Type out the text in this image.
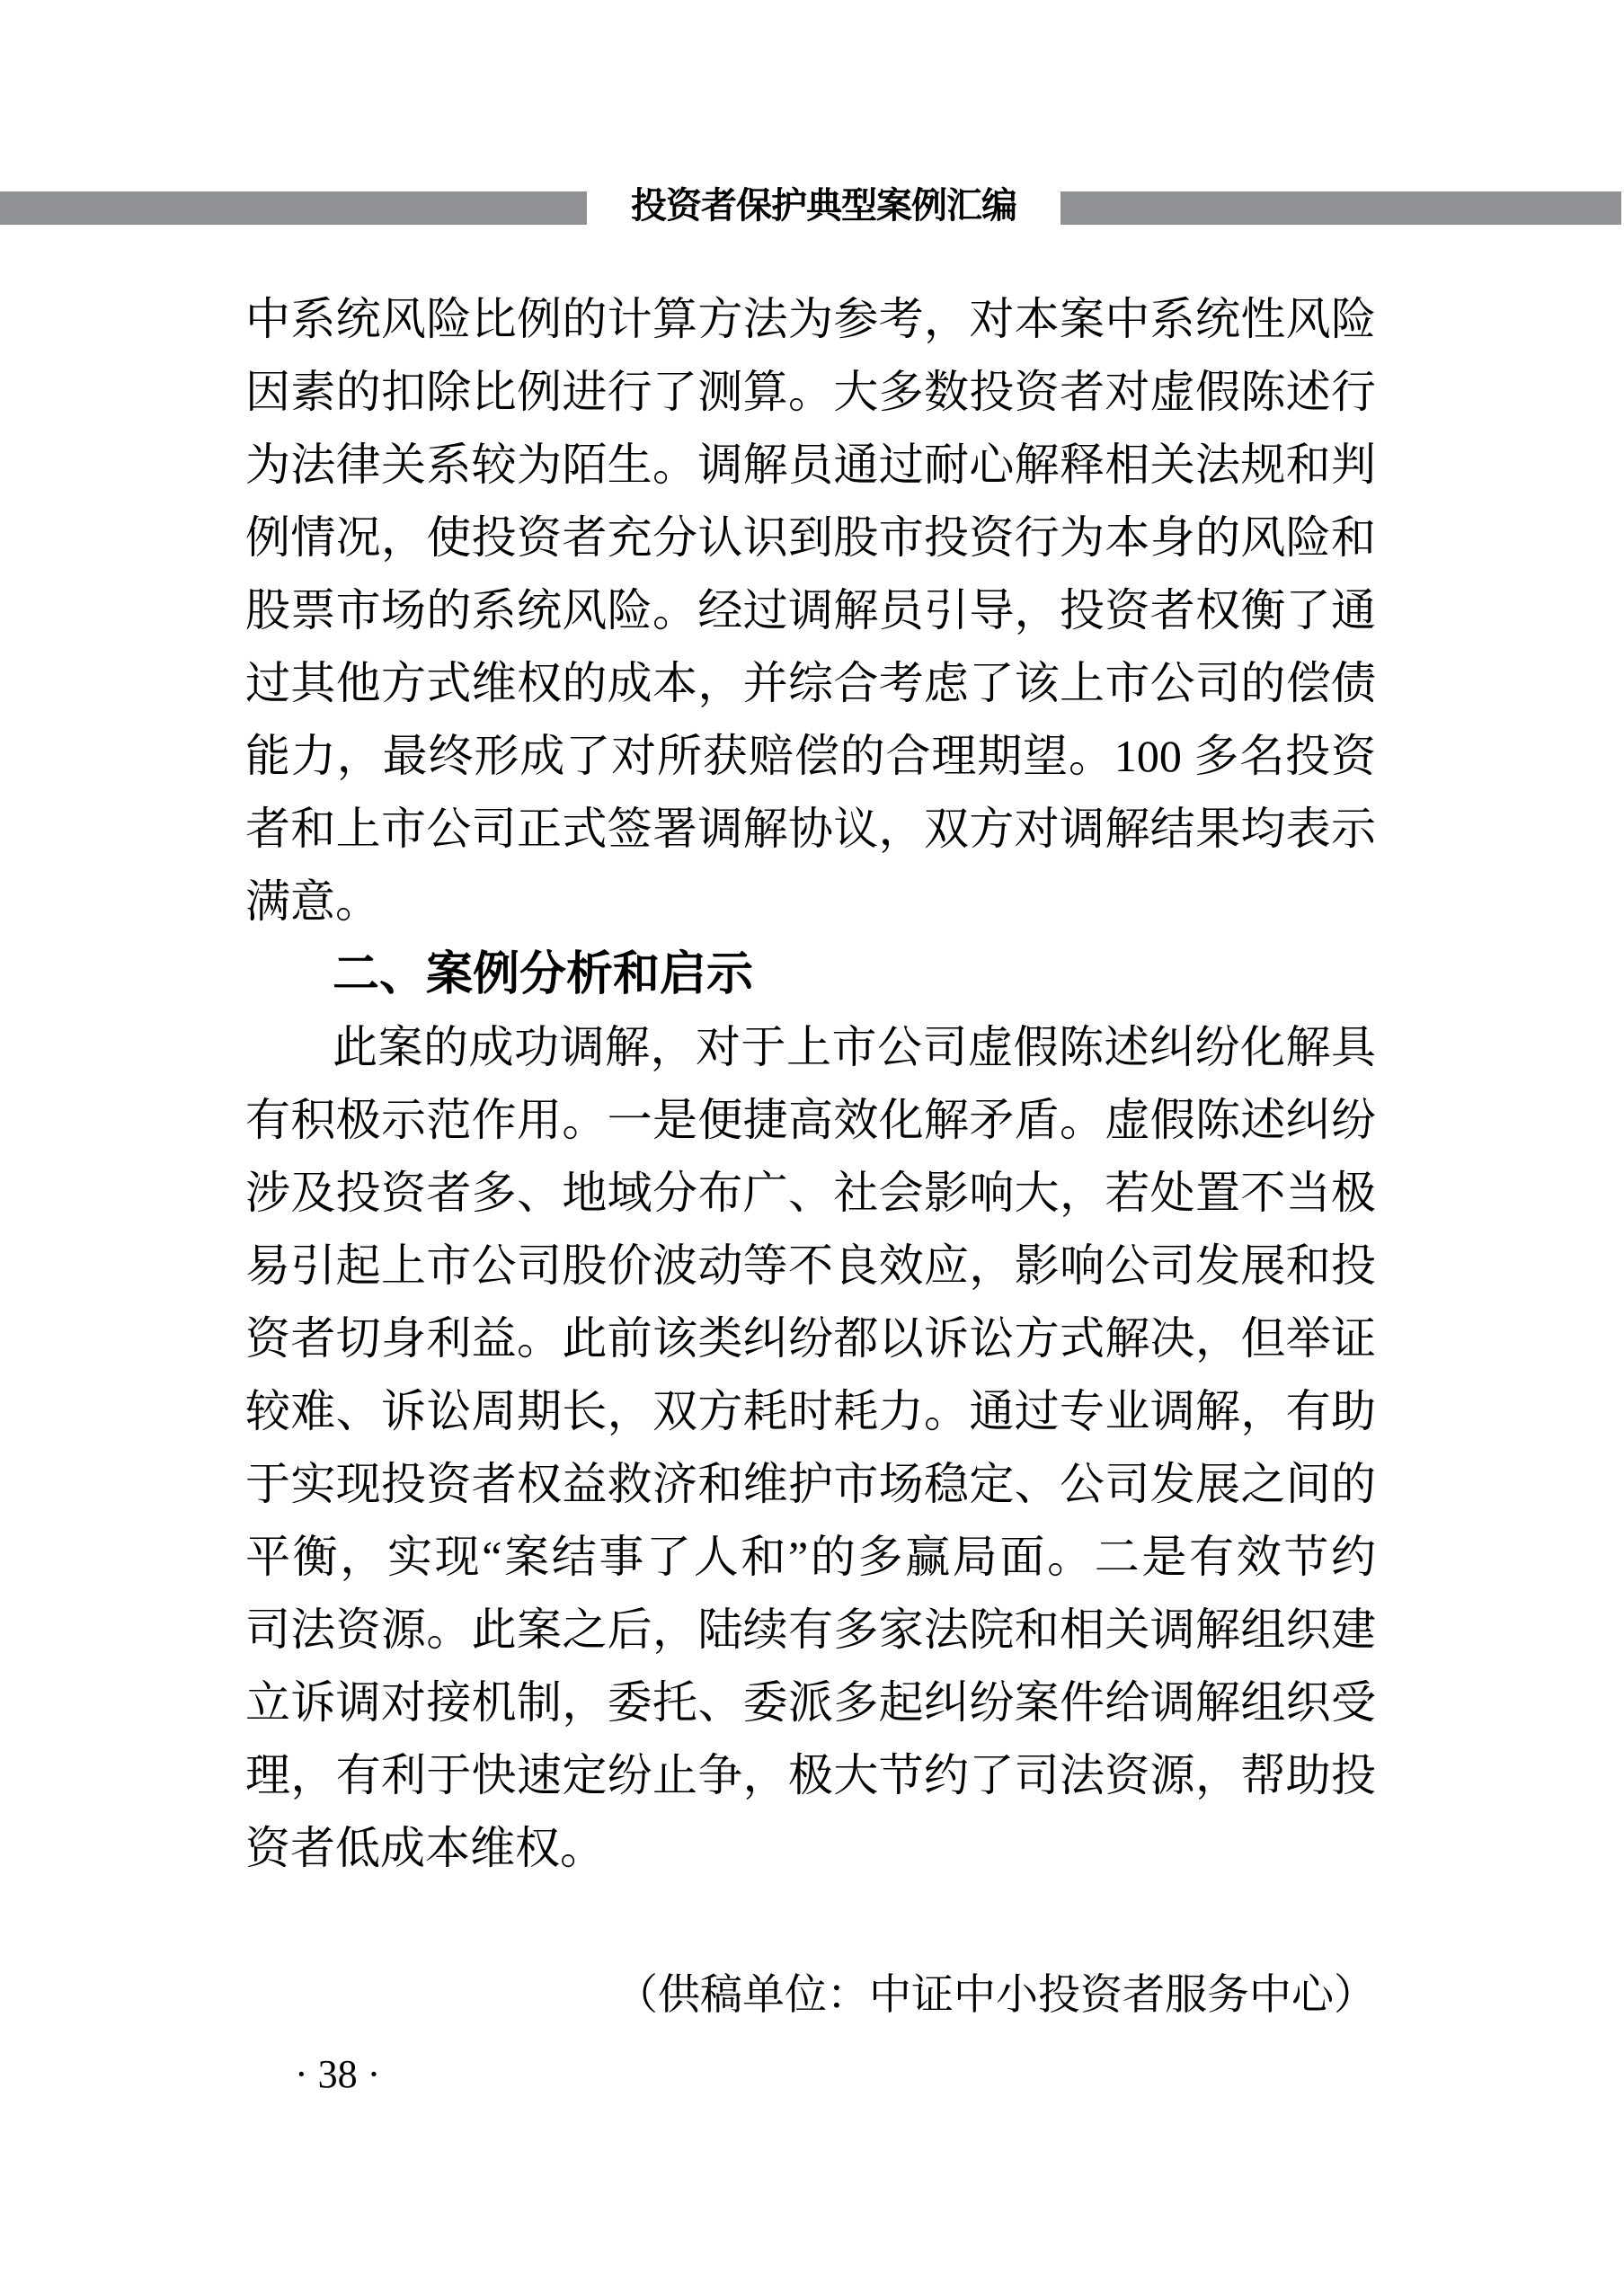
投资者保护典型案例汇编
中系统风险比例的计算方法为参考，对本案中系统性风险
因素的扣除比例进行了测算。大多数投资者对虚假陈述行
为法律关系较为陌生。调解员通过耐心解释相关法规和判
例情况，使投资者充分认识到股市投资行为本身的风险和
股票市场的系统风险。经过调解员引导，投资者权衡了通
过其他方式维权的成本，并综合考虑了该上市公司的偿债
能力，最终形成了对所获赔偿的合理期望。100 多名投资
者和上市公司正式签署调解协议，双方对调解结果均表示
满意。
二、案例分析和启示
此案的成功调解，对于上市公司虚假陈述纠纷化解具
有积极示范作用。一是便捷高效化解矛盾。虚假陈述纠纷
涉及投资者多、地域分布广、社会影响大，若处置不当极
易引起上市公司股价波动等不良效应，影响公司发展和投
资者切身利益。此前该类纠纷都以诉讼方式解决，但举证
较难、诉讼周期长，双方耗时耗力。通过专业调解，有助
于实现投资者权益救济和维护市场稳定、公司发展之间的
平衡，实现“案结事了人和”的多赢局面。二是有效节约
司法资源。此案之后，陆续有多家法院和相关调解组织建
立诉调对接机制，委托、委派多起纠纷案件给调解组织受
理，有利于快速定纷止争，极大节约了司法资源，帮助投
资者低成本维权。
（供稿单位：中证中小投资者服务中心）
· 38 ·
